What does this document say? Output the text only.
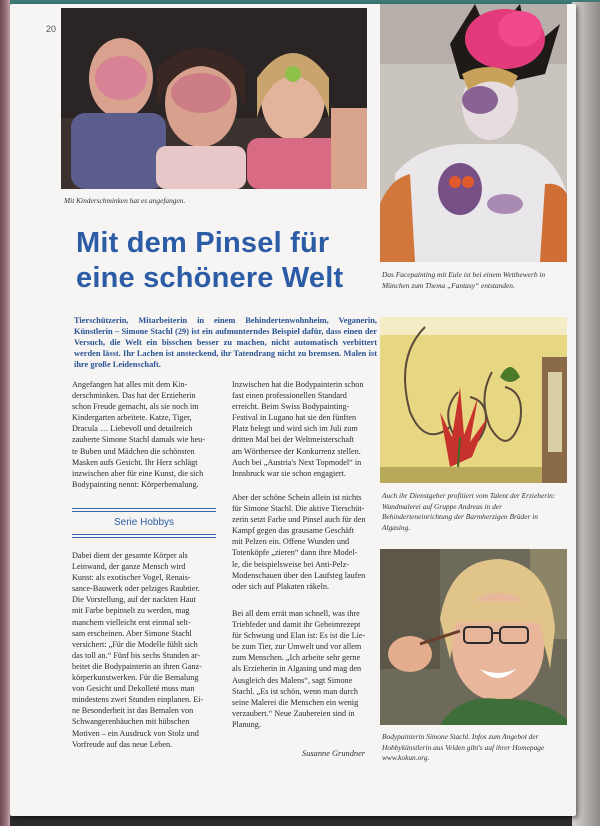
20
Mit Kinderschminken hat es angefangen.
Das Facepainting mit Eule ist bei einem Wettbewerb in München zum Thema „Fantasy“ entstanden.
Auch ihr Dienstgeber profitiert vom Talent der Erzieherin: Wandmalerei auf Gruppe Andreas in der Behinderteneinrichtung der Barmherzigen Brüder in Algasing.
Bodypainterin Simone Stachl. Infos zum Angebot der Hobbykünstlerin aus Velden gibt's auf ihrer Homepage www.kokun.org.
Mit dem Pinsel für eine schönere Welt

Tierschützerin, Mitarbeiterin in einem Behindertenwohnheim, Veganerin, Künstlerin – Simone Stachl (29) ist ein aufmunterndes Beispiel dafür, dass einen der Versuch, die Welt ein bisschen besser zu machen, nicht automatisch verbittert werden lässt. Ihr Lachen ist ansteckend, ihr Tatendrang nicht zu bremsen. Malen ist ihre große Leidenschaft.

Angefangen hat alles mit dem Kin-
derschminken. Das hat der Erzieherin
schon Freude gemacht, als sie noch im
Kindergarten arbeitete. Katze, Tiger,
Dracula … Liebevoll und detailreich
zauberte Simone Stachl damals wie heu-
te Buben und Mädchen die schönsten
Masken aufs Gesicht. Ihr Herz schlägt
inzwischen aber für eine Kunst, die sich
Bodypainting nennt: Körperbemalung.

Serie Hobbys

Dabei dient der gesamte Körper als
Leinwand, der ganze Mensch wird
Kunst: als exotischer Vogel, Renais-
sance-Bauwerk oder pelziges Raubtier.
Die Vorstellung, auf der nackten Haut
mit Farbe bepinselt zu werden, mag
manchem vielleicht erst einmal selt-
sam erscheinen. Aber Simone Stachl
versichert: „Für die Modelle fühlt sich
das toll an.“ Fünf bis sechs Stunden ar-
beitet die Bodypainterin an ihren Ganz-
körperkunstwerken. Für die Bemalung
von Gesicht und Dekolleté muss man
mindestens zwei Stunden einplanen. Ei-
ne Besonderheit ist das Bemalen von
Schwangerenbäuchen mit hübschen
Motiven – ein Ausdruck von Stolz und
Vorfreude auf das neue Leben.

Inzwischen hat die Bodypainterin schon
fast einen professionellen Standard
erreicht. Beim Swiss Bodypainting-
Festival in Lugano hat sie den fünften
Platz belegt und wird sich im Juli zum
dritten Mal bei der Weltmeisterschaft
am Wörthersee der Konkurrenz stellen.
Auch bei „Austria's Next Topmodel“ in
Innsbruck war sie schon engagiert.

Aber der schöne Schein allein ist nichts
für Simone Stachl. Die aktive Tierschüt-
zerin setzt Farbe und Pinsel auch für den
Kampf gegen das grausame Geschäft
mit Pelzen ein. Offene Wunden und
Totenköpfe „zieren“ dann ihre Model-
le, die beispielsweise bei Anti-Pelz-
Modenschauen über den Laufsteg laufen
oder sich auf Plakaten räkeln.

Bei all dem errät man schnell, was ihre
Triebfeder und damit ihr Geheimrezept
für Schwung und Elan ist: Es ist die Lie-
be zum Tier, zur Umwelt und vor allem
zum Menschen. „Ich arbeite sehr gerne
als Erzieherin in Algasing und mag den
Ausgleich des Malens“, sagt Simone
Stachl. „Es ist schön, wenn man durch
seine Malerei die Menschen ein wenig
verzaubert.“ Neue Zaubereien sind in
Planung.

Susanne Grundner
